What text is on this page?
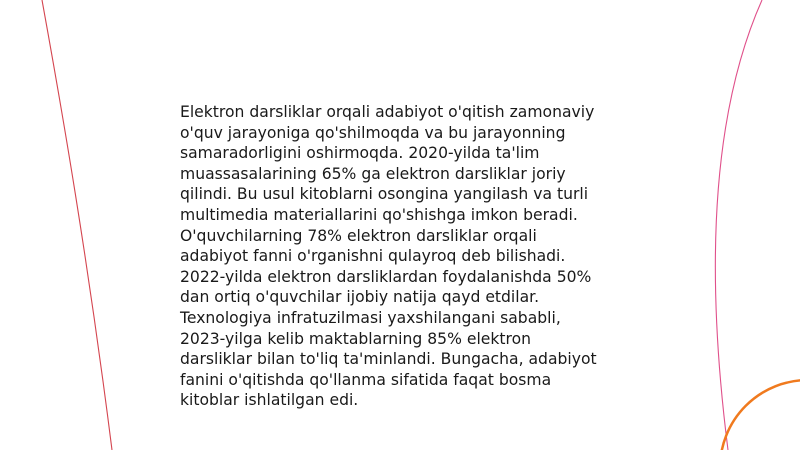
Elektron darsliklar orqali adabiyot o'qitish zamonaviy
o'quv jarayoniga qo'shilmoqda va bu jarayonning
samaradorligini oshirmoqda. 2020-yilda ta'lim
muassasalarining 65% ga elektron darsliklar joriy
qilindi. Bu usul kitoblarni osongina yangilash va turli
multimedia materiallarini qo'shishga imkon beradi.
O'quvchilarning 78% elektron darsliklar orqali
adabiyot fanni o'rganishni qulayroq deb bilishadi.
2022-yilda elektron darsliklardan foydalanishda 50%
dan ortiq o'quvchilar ijobiy natija qayd etdilar.
Texnologiya infratuzilmasi yaxshilangani sababli,
2023-yilga kelib maktablarning 85% elektron
darsliklar bilan to'liq ta'minlandi. Bungacha, adabiyot
fanini o'qitishda qo'llanma sifatida faqat bosma
kitoblar ishlatilgan edi.
